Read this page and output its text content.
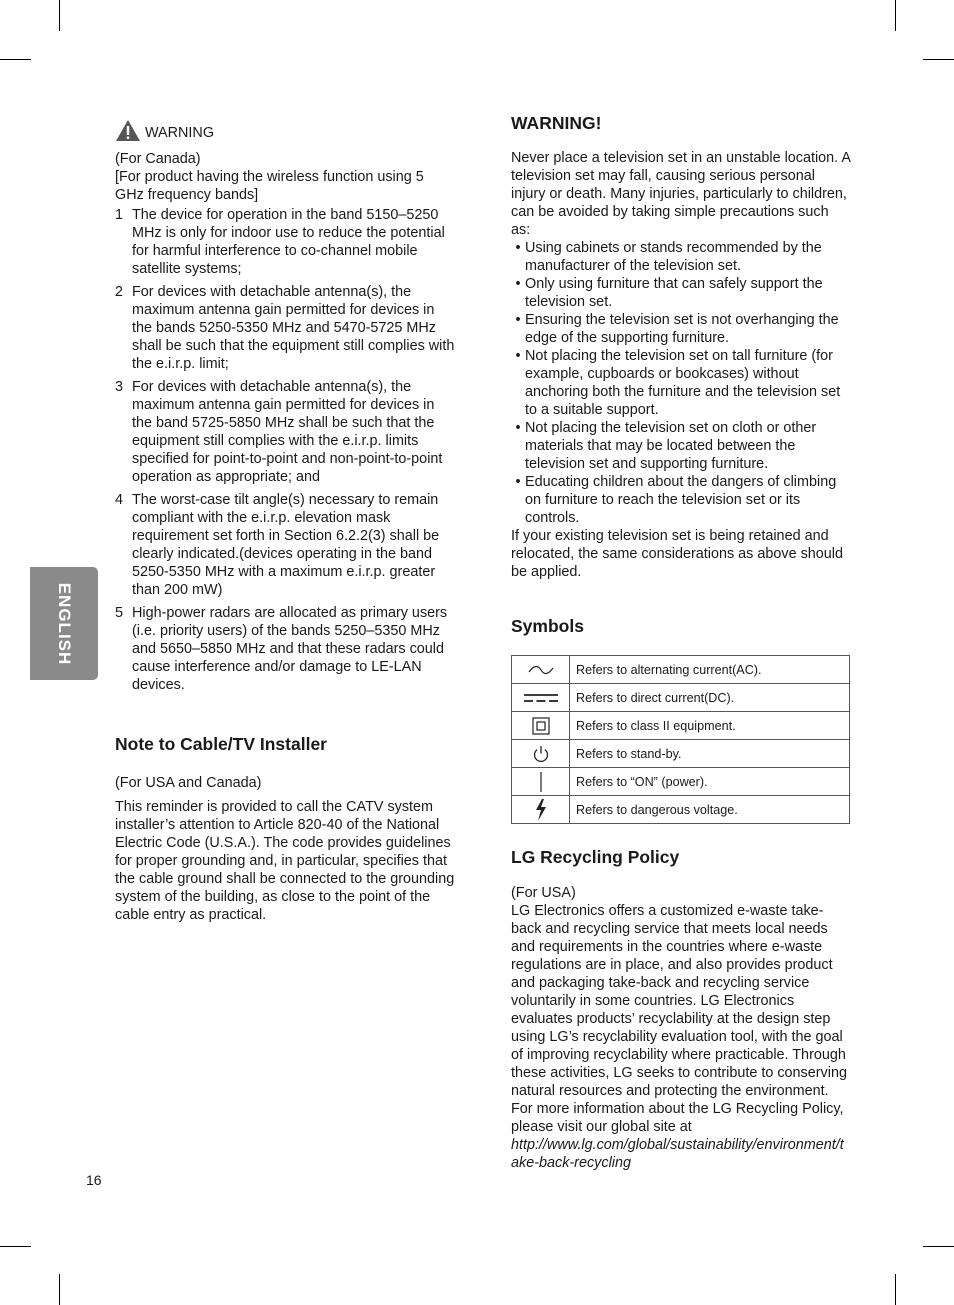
ENGLISH
WARNING

(For Canada)

[For product having the wireless function using 5 GHz frequency bands]

1 The device for operation in the band 5150–5250 MHz is only for indoor use to reduce the potential for harmful interference to co-channel mobile satellite systems;
2 For devices with detachable antenna(s), the maximum antenna gain permitted for devices in the bands 5250-5350 MHz and 5470-5725 MHz shall be such that the equipment still complies with the e.i.r.p. limit;
3 For devices with detachable antenna(s), the maximum antenna gain permitted for devices in the band 5725-5850 MHz shall be such that the equipment still complies with the e.i.r.p. limits specified for point-to-point and non-point-to-point operation as appropriate; and
4 The worst-case tilt angle(s) necessary to remain compliant with the e.i.r.p. elevation mask requirement set forth in Section 6.2.2(3) shall be clearly indicated.(devices operating in the band 5250-5350 MHz with a maximum e.i.r.p. greater than 200 mW)
5 High-power radars are allocated as primary users (i.e. priority users) of the bands 5250–5350 MHz and 5650–5850 MHz and that these radars could cause interference and/or damage to LE-LAN devices.
Note to Cable/TV Installer

(For USA and Canada)

This reminder is provided to call the CATV system installer’s attention to Article 820-40 of the National Electric Code (U.S.A.). The code provides guidelines for proper grounding and, in particular, specifies that the cable ground shall be connected to the grounding system of the building, as close to the point of the cable entry as practical.

WARNING!

Never place a television set in an unstable location. A television set may fall, causing serious personal injury or death. Many injuries, particularly to children, can be avoided by taking simple precautions such as:

• Using cabinets or stands recommended by the manufacturer of the television set.
• Only using furniture that can safely support the television set.
• Ensuring the television set is not overhanging the edge of the supporting furniture.
• Not placing the television set on tall furniture (for example, cupboards or bookcases) without anchoring both the furniture and the television set to a suitable support.
• Not placing the television set on cloth or other materials that may be located between the television set and supporting furniture.
• Educating children about the dangers of climbing on furniture to reach the television set or its controls.

If your existing television set is being retained and relocated, the same considerations as above should be applied.

Symbols
	Refers to alternating current(AC).
	Refers to direct current(DC).
	Refers to class II equipment.
	Refers to stand-by.
	Refers to “ON” (power).
	Refers to dangerous voltage.
LG Recycling Policy

(For USA)

LG Electronics offers a customized e-waste take-back and recycling service that meets local needs and requirements in the countries where e-waste regulations are in place, and also provides product and packaging take-back and recycling service voluntarily in some countries. LG Electronics evaluates products’ recyclability at the design step using LG’s recyclability evaluation tool, with the goal of improving recyclability where practicable. Through these activities, LG seeks to contribute to conserving natural resources and protecting the environment.

For more information about the LG Recycling Policy, please visit our global site at

http://www.lg.com/global/sustainability/environment/take-back-recycling

16
